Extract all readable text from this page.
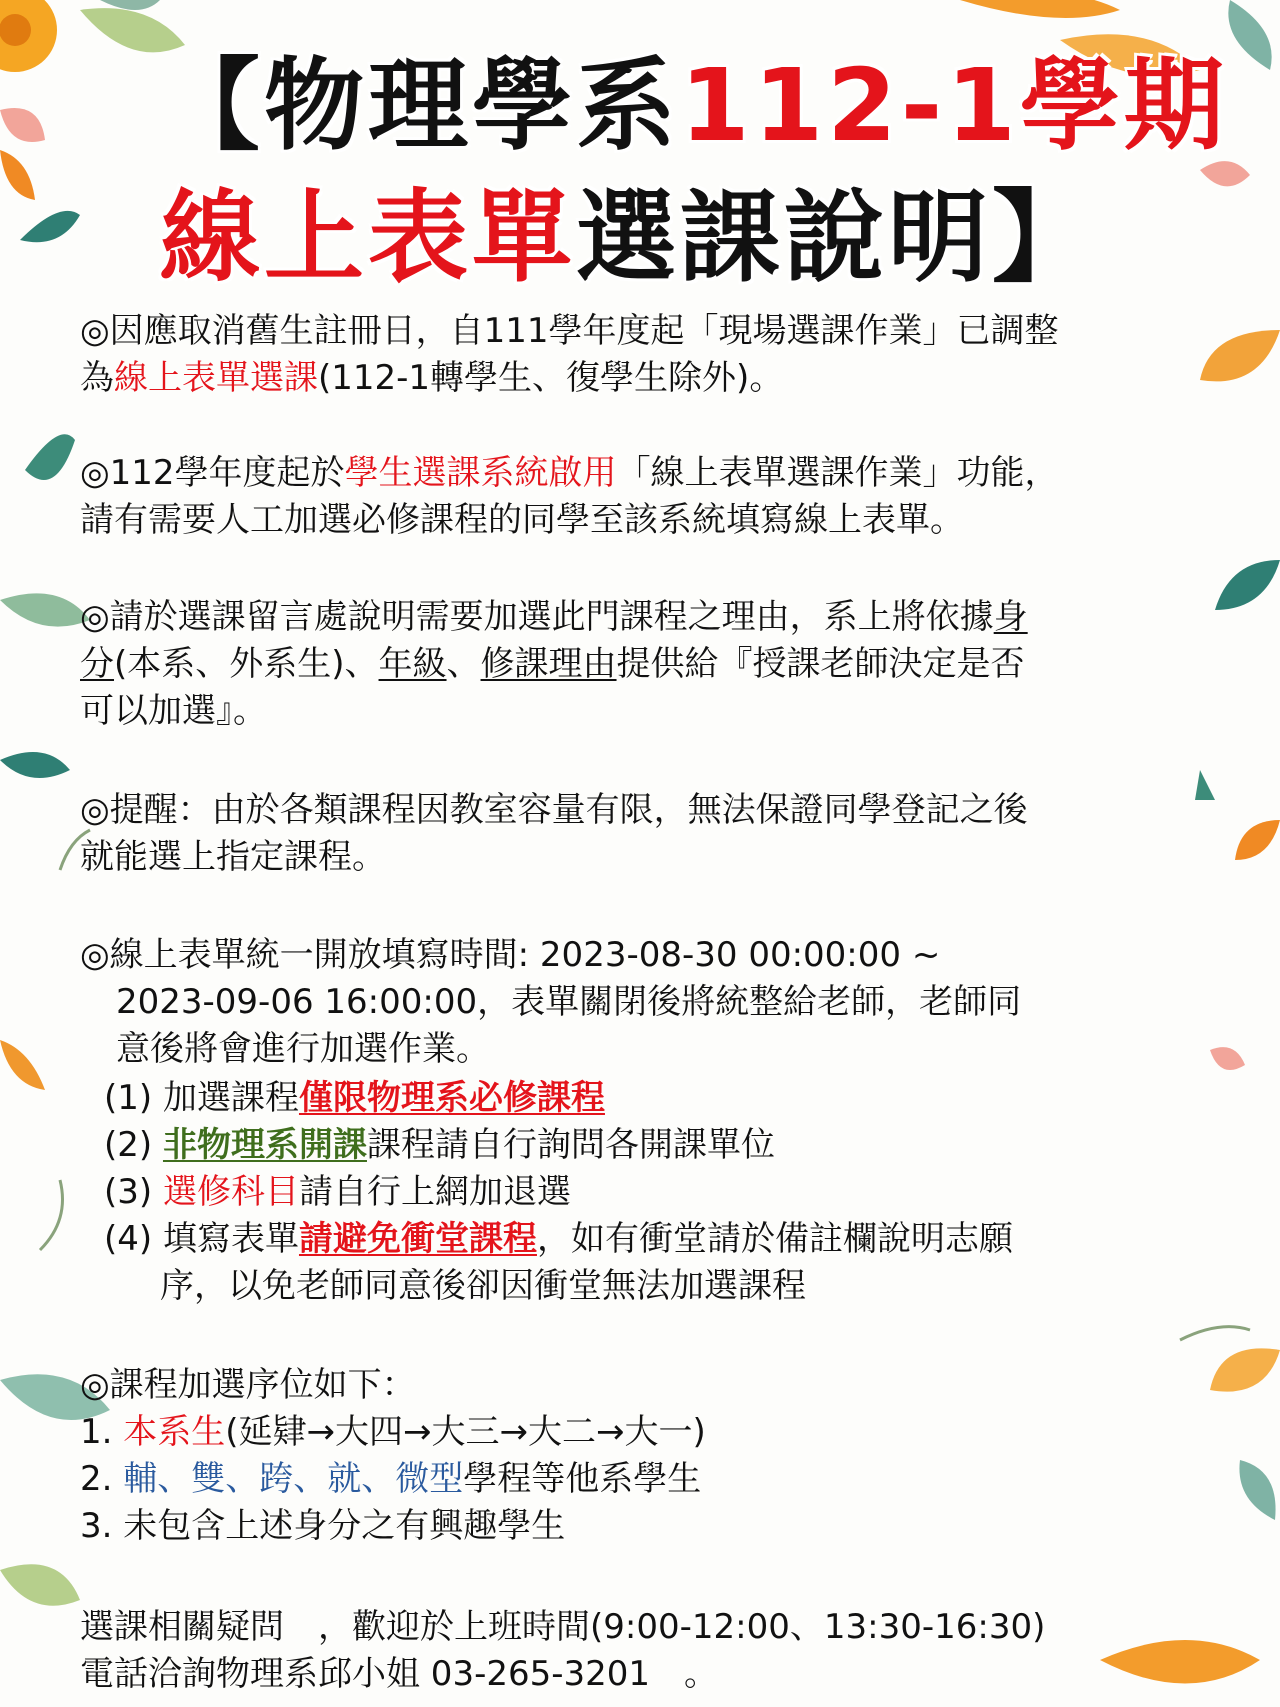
【物理學系112-1學期
線上表單選課說明】
◎因應取消舊生註冊日，自111學年度起「現場選課作業」已調整
為線上表單選課(112-1轉學生、復學生除外)。
◎112學年度起於學生選課系統啟用「線上表單選課作業」功能，
請有需要人工加選必修課程的同學至該系統填寫線上表單。
◎請於選課留言處說明需要加選此門課程之理由，系上將依據身
分(本系、外系生)、年級、修課理由提供給『授課老師決定是否
可以加選』。
◎提醒：由於各類課程因教室容量有限，無法保證同學登記之後
就能選上指定課程。
◎線上表單統一開放填寫時間: 2023-08-30 00:00:00 ~
2023-09-06 16:00:00，表單關閉後將統整給老師，老師同
意後將會進行加選作業。
(1) 加選課程僅限物理系必修課程
(2) 非物理系開課課程請自行詢問各開課單位
(3) 選修科目請自行上網加退選
(4) 填寫表單請避免衝堂課程，如有衝堂請於備註欄說明志願
序，以免老師同意後卻因衝堂無法加選課程
◎課程加選序位如下：
1. 本系生(延肄→大四→大三→大二→大一)
2. 輔、雙、跨、就、微型學程等他系學生
3. 未包含上述身分之有興趣學生
選課相關疑問　，歡迎於上班時間(9:00-12:00、13:30-16:30)
電話洽詢物理系邱小姐 03-265-3201　。
